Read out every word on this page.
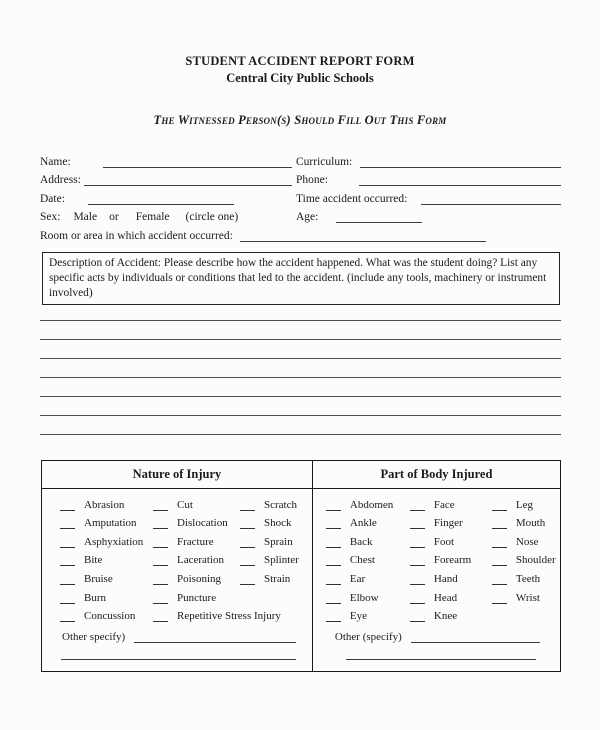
STUDENT ACCIDENT REPORT FORM
Central City Public Schools
The Witnessed Person(s) Should Fill Out This Form
Name:
Address:
Date:
Sex: Male or Female (circle one)
Curriculum:
Phone:
Time accident occurred:
Age:
Room or area in which accident occurred:
Description of Accident: Please describe how the accident happened. What was the student doing? List any specific acts by individuals or conditions that led to the accident. (include any tools, machinery or instrument involved)
Nature of Injury	Part of Body Injured
Abrasion
Amputation
Asphyxiation
Bite
Bruise
Burn
Concussion
Cut
Dislocation
Fracture
Laceration
Poisoning
Puncture
Repetitive Stress Injury
Scratch
Shock
Sprain
Splinter
Strain
Other specify)
Abdomen
Ankle
Back
Chest
Ear
Elbow
Eye
Face
Finger
Foot
Forearm
Hand
Head
Knee
Leg
Mouth
Nose
Shoulder
Teeth
Wrist
Other (specify)
